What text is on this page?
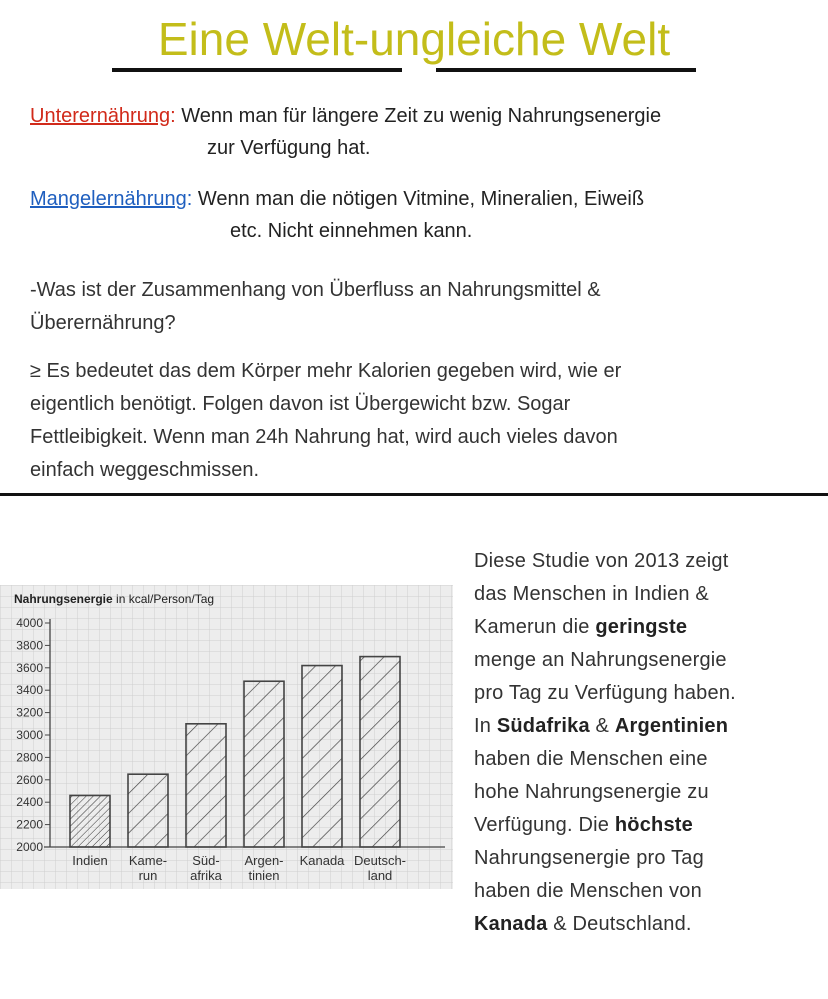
Eine Welt-ungleiche Welt
Unterernährung: Wenn man für längere Zeit zu wenig Nahrungsenergie
zur Verfügung hat.
Mangelernährung: Wenn man die nötigen Vitmine, Mineralien, Eiweiß
etc. Nicht einnehmen kann.
-Was ist der Zusammenhang von Überfluss an Nahrungsmittel &
Überernährung?
≥ Es bedeutet das dem Körper mehr Kalorien gegeben wird, wie er
eigentlich benötigt. Folgen davon ist Übergewicht bzw. Sogar
Fettleibigkeit. Wenn man 24h Nahrung hat, wird auch vieles davon
einfach weggeschmissen.
Nahrungsenergie in kcal/Person/Tag
2000
2200
2400
2600
2800
3000
3200
3400
3600
3800
4000
Indien Kame-
run
Süd-
afrika
Argen-
tinien
Kanada Deutsch-
land
Diese Studie von 2013 zeigt
das Menschen in Indien &
Kamerun die geringste
menge an Nahrungsenergie
pro Tag zu Verfügung haben.
In Südafrika & Argentinien
haben die Menschen eine
hohe Nahrungsenergie zu
Verfügung. Die höchste
Nahrungsenergie pro Tag
haben die Menschen von
Kanada & Deutschland.
